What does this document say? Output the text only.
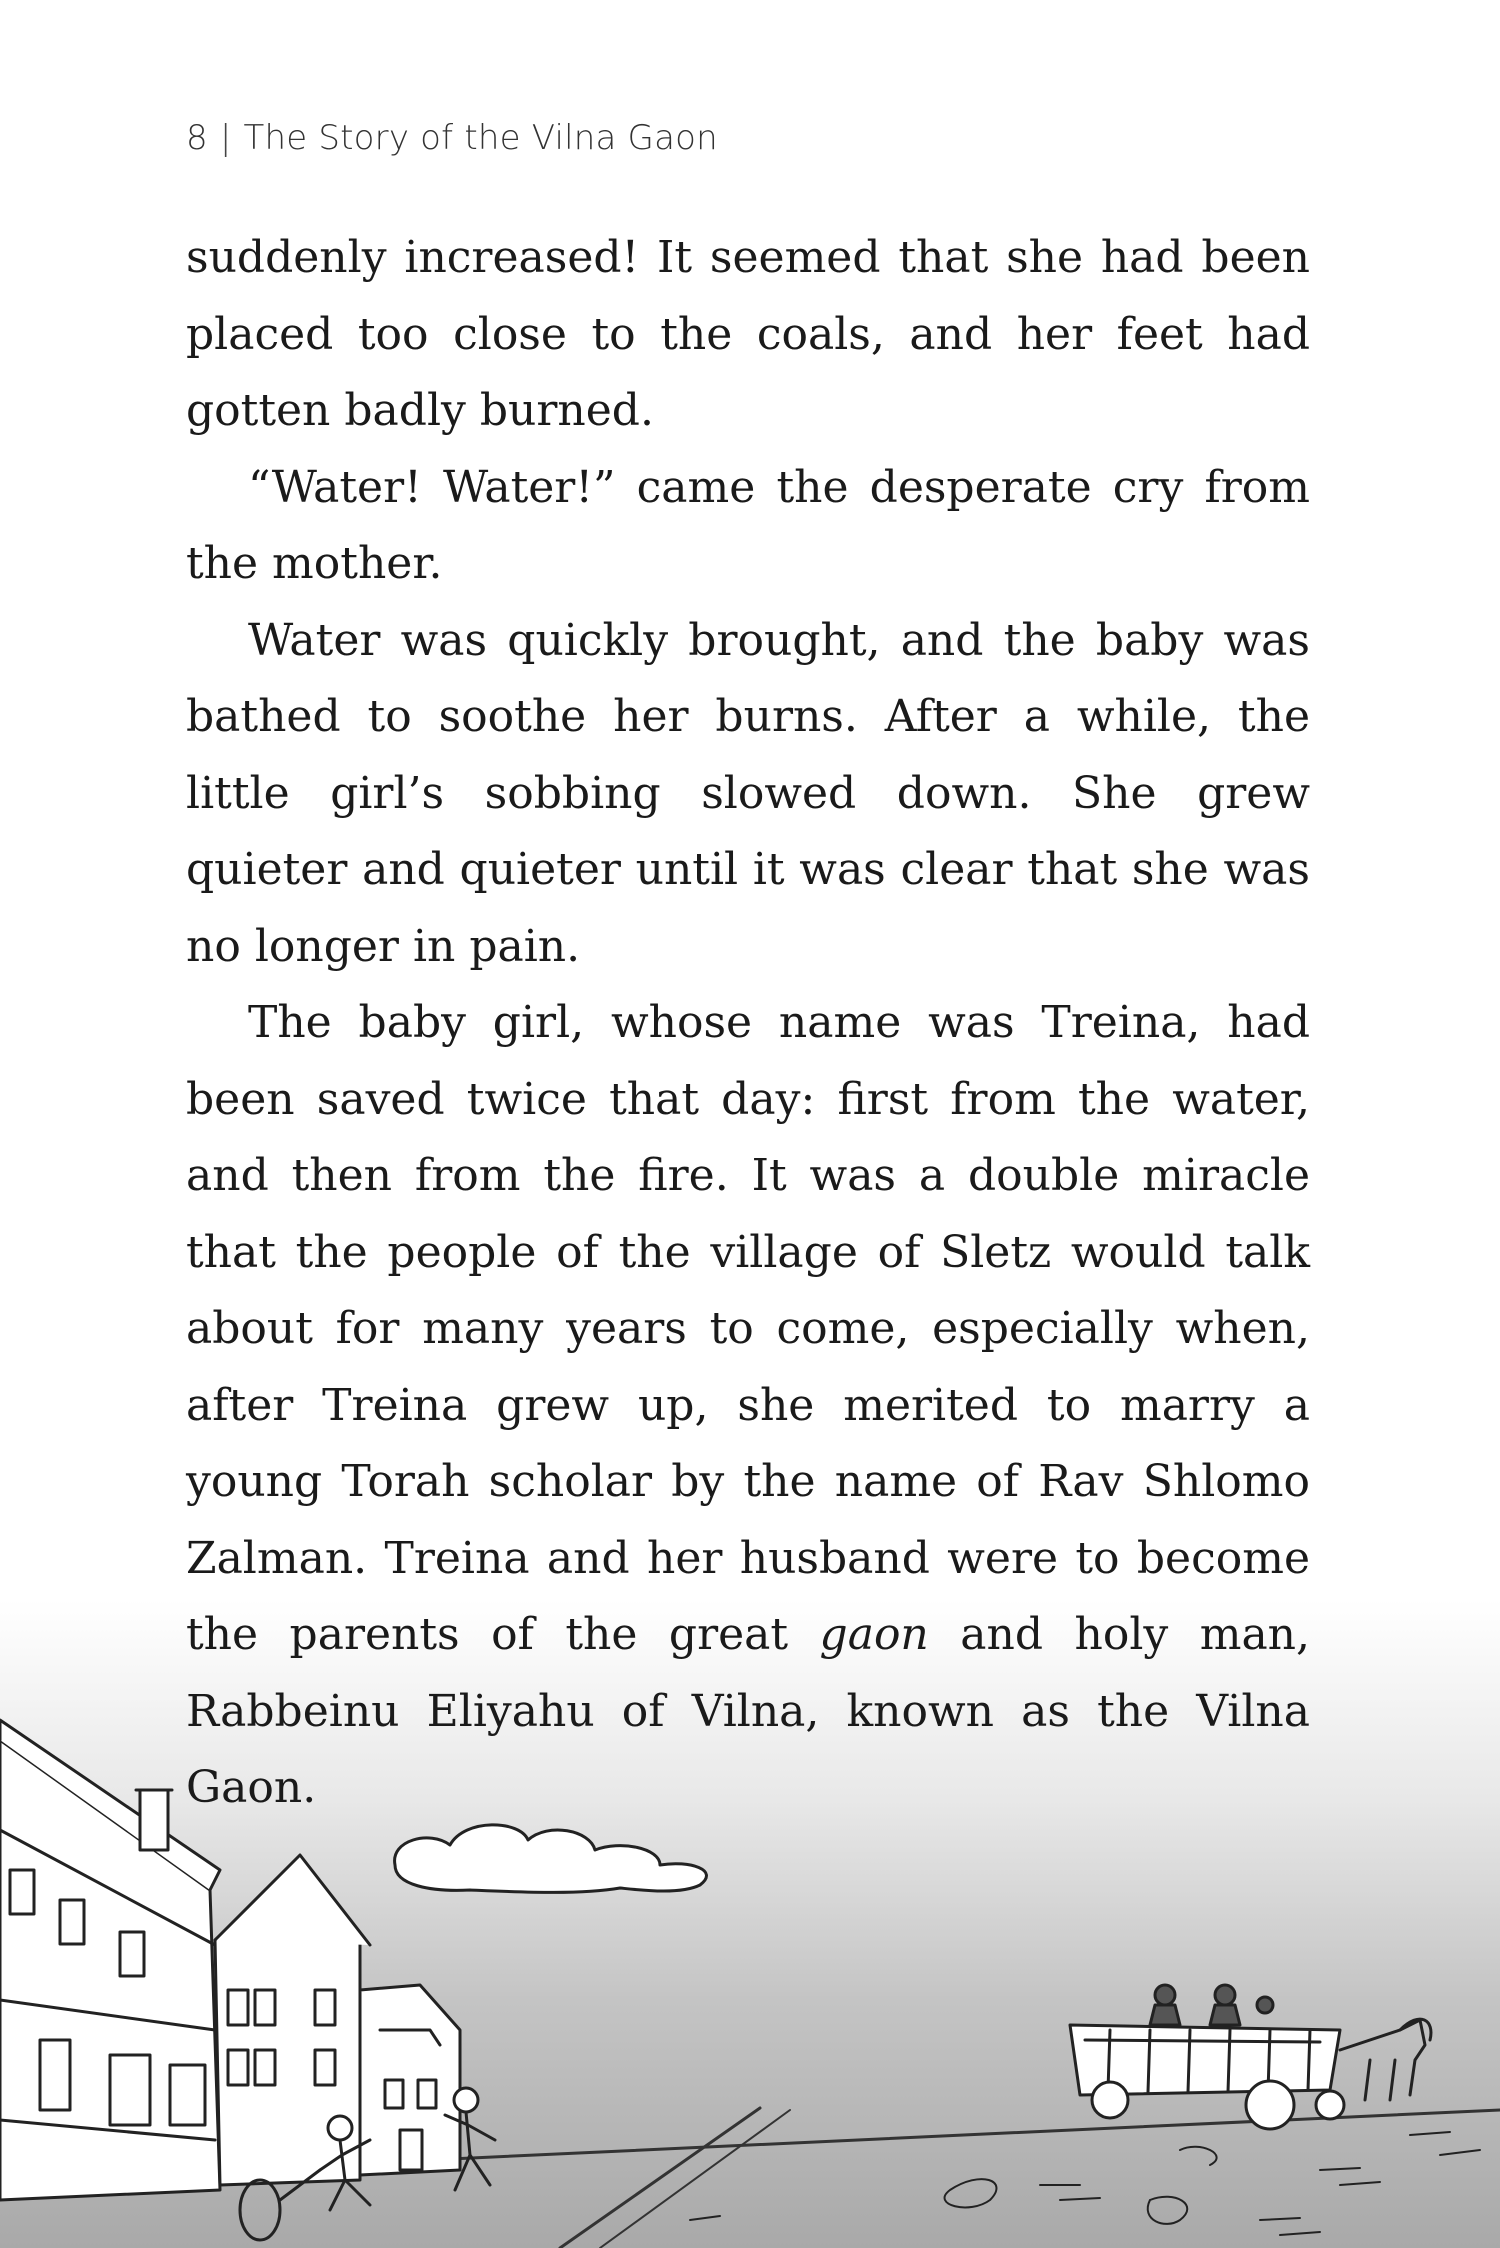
8 | The Story of the Vilna Gaon

suddenly increased! It seemed that she had been placed too close to the coals, and her feet had gotten badly burned.

“Water! Water!” came the desperate cry from the mother.

Water was quickly brought, and the baby was bathed to soothe her burns. After a while, the little girl’s sobbing slowed down. She grew quieter and quieter until it was clear that she was no longer in pain.

The baby girl, whose name was Treina, had been saved twice that day: first from the water, and then from the fire. It was a double miracle that the people of the village of Sletz would talk about for many years to come, especially when, after Treina grew up, she merited to marry a young Torah scholar by the name of Rav Shlomo Zalman. Treina and her husband were to become the parents of the great gaon and holy man, Rabbeinu Eliyahu of Vilna, known as the Vilna Gaon.
